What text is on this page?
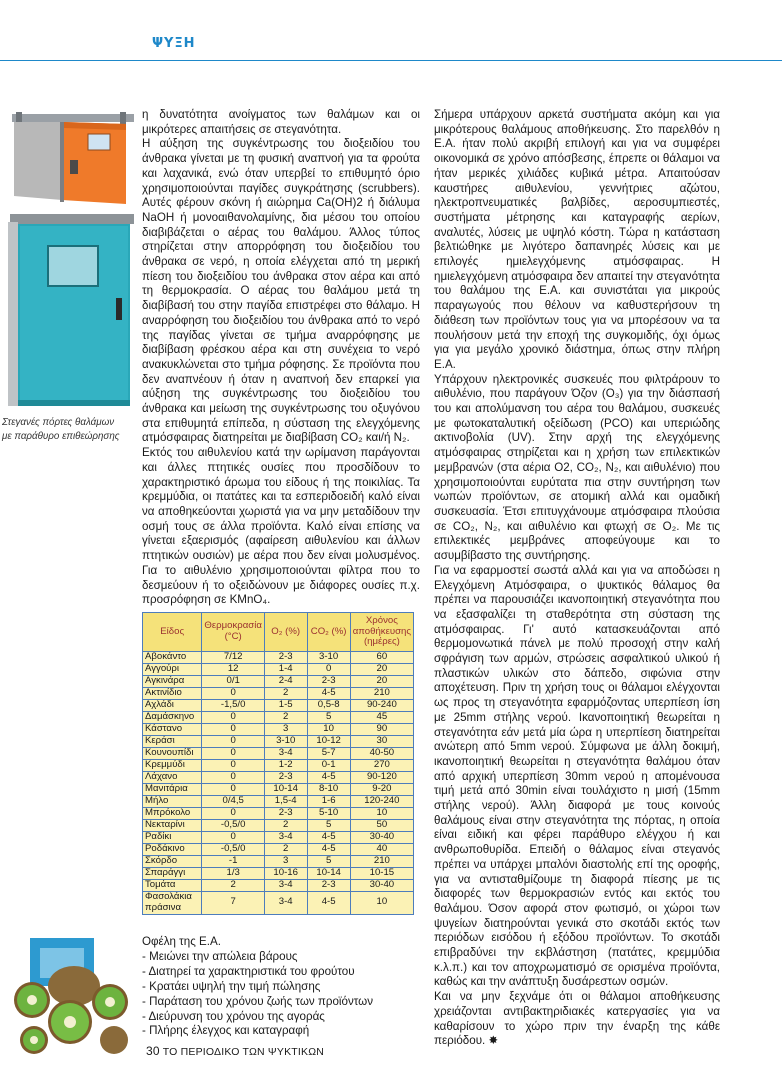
ΨΥΞΗ
Στεγανές πόρτες θαλάμων με παράθυρο επιθεώρησης

η δυνατότητα ανοίγματος των θαλάμων και οι μικρότερες απαιτήσεις σε στεγανότητα.

Η αύξηση της συγκέντρωσης του διοξειδίου του άνθρακα γίνεται με τη φυσική αναπνοή για τα φρούτα και λαχανικά, ενώ όταν υπερβεί το επιθυμητό όριο χρησιμοποιούνται παγίδες συγκράτησης (scrubbers). Αυτές φέρουν σκόνη ή αιώρημα Ca(OH)2 ή διάλυμα NaOH ή μονοαιθανολαμίνης, δια μέσου του οποίου διαβιβάζεται ο αέρας του θαλάμου. Άλλος τύπος στηρίζεται στην απορρόφηση του διοξειδίου του άνθρακα σε νερό, η οποία ελέγχεται από τη μερική πίεση του διοξειδίου του άνθρακα στον αέρα και από τη θερμοκρασία. Ο αέρας του θαλάμου μετά τη διαβίβασή του στην παγίδα επιστρέφει στο θάλαμο. Η αναρρόφηση του διοξειδίου του άνθρακα από το νερό της παγίδας γίνεται σε τμήμα αναρρόφησης με διαβίβαση φρέσκου αέρα και στη συνέχεια το νερό ανακυκλώνεται στο τμήμα ρόφησης. Σε προϊόντα που δεν αναπνέουν ή όταν η αναπνοή δεν επαρκεί για αύξηση της συγκέντρωσης του διοξειδίου του άνθρακα και μείωση της συγκέντρωσης του οξυγόνου στα επιθυμητά επίπεδα, η σύσταση της ελεγχόμενης ατμόσφαιρας διατηρείται με διαβίβαση CO₂ και/ή N₂.

Εκτός του αιθυλενίου κατά την ωρίμανση παράγονται και άλλες πτητικές ουσίες που προσδίδουν το χαρακτηριστικό άρωμα του είδους ή της ποικιλίας. Τα κρεμμύδια, οι πατάτες και τα εσπεριδοειδή καλό είναι να αποθηκεύονται χωριστά για να μην μεταδίδουν την οσμή τους σε άλλα προϊόντα. Καλό είναι επίσης να γίνεται εξαερισμός (αφαίρεση αιθυλενίου και άλλων πτητικών ουσιών) με αέρα που δεν είναι μολυσμένος. Για το αιθυλένιο χρησιμοποιούνται φίλτρα που το δεσμεύουν ή το οξειδώνουν με διάφορες ουσίες π.χ. προσρόφηση σε KMnO₄.

Είδος	Θερμοκρασία (°C)	O₂ (%)	CO₂ (%)	Χρόνος αποθήκευσης (ημέρες)
Αβοκάντο	7/12	2-3	3-10	60
Αγγούρι	12	1-4	0	20
Αγκινάρα	0/1	2-4	2-3	20
Ακτινίδιο	0	2	4-5	210
Αχλάδι	-1,5/0	1-5	0,5-8	90-240
Δαμάσκηνο	0	2	5	45
Κάστανο	0	3	10	90
Κεράσι	0	3-10	10-12	30
Κουνουπίδι	0	3-4	5-7	40-50
Κρεμμύδι	0	1-2	0-1	270
Λάχανο	0	2-3	4-5	90-120
Μανιτάρια	0	10-14	8-10	9-20
Μήλο	0/4,5	1,5-4	1-6	120-240
Μπρόκολο	0	2-3	5-10	10
Νεκταρίνι	-0,5/0	2	5	50
Ραδίκι	0	3-4	4-5	30-40
Ροδάκινο	-0,5/0	2	4-5	40
Σκόρδο	-1	3	5	210
Σπαράγγι	1/3	10-16	10-14	10-15
Τομάτα	2	3-4	2-3	30-40
Φασολάκια πράσινα	7	3-4	4-5	10

Οφέλη της Ε.Α.

- Μειώνει την απώλεια βάρους

- Διατηρεί τα χαρακτηριστικά του φρούτου

- Κρατάει υψηλή την τιμή πώλησης

- Παράταση του χρόνου ζωής των προϊόντων

- Διεύρυνση του χρόνου της αγοράς

- Πλήρης έλεγχος και καταγραφή

Σήμερα υπάρχουν αρκετά συστήματα ακόμη και για μικρότερους θαλάμους αποθήκευσης. Στο παρελθόν η Ε.Α. ήταν πολύ ακριβή επιλογή και για να συμφέρει οικονομικά σε χρόνο απόσβεσης, έπρεπε οι θάλαμοι να ήταν μερικές χιλιάδες κυβικά μέτρα. Απαιτούσαν καυστήρες αιθυλενίου, γεννήτριες αζώτου, ηλεκτροπνευματικές βαλβίδες, αεροσυμπιεστές, συστήματα μέτρησης και καταγραφής αερίων, αναλυτές, λύσεις με υψηλό κόστη. Τώρα η κατάσταση βελτιώθηκε με λιγότερο δαπανηρές λύσεις και με επιλογές ημιελεγχόμενης ατμόσφαιρας. Η ημιελεγχόμενη ατμόσφαιρα δεν απαιτεί την στεγανότητα του θαλάμου της Ε.Α. και συνιστάται για μικρούς παραγωγούς που θέλουν να καθυστερήσουν τη διάθεση των προϊόντων τους για να μπορέσουν να τα πουλήσουν μετά την εποχή της συγκομιδής, όχι όμως για για μεγάλο χρονικό διάστημα, όπως στην πλήρη Ε.Α.

Υπάρχουν ηλεκτρονικές συσκευές που φιλτράρουν το αιθυλένιο, που παράγουν Όζον (O₃) για την διάσπασή του και απολύμανση του αέρα του θαλάμου, συσκευές με φωτοκαταλυτική οξείδωση (PCO) και υπεριώδης ακτινοβολία (UV). Στην αρχή της ελεγχόμενης ατμόσφαιρας στηρίζεται και η χρήση των επιλεκτικών μεμβρανών (στα αέρια O2, CO₂, N₂, και αιθυλένιο) που χρησιμοποιούνται ευρύτατα πια στην συντήρηση των νωπών προϊόντων, σε ατομική αλλά και ομαδική συσκευασία. Έτσι επιτυγχάνουμε ατμόσφαιρα πλούσια σε CO₂, N₂, και αιθυλένιο και φτωχή σε O₂. Με τις επιλεκτικές μεμβράνες αποφεύγουμε και το ασυμβίβαστο της συντήρησης.

Για να εφαρμοστεί σωστά αλλά και για να αποδώσει η Ελεγχόμενη Ατμόσφαιρα, ο ψυκτικός θάλαμος θα πρέπει να παρουσιάζει ικανοποιητική στεγανότητα που να εξασφαλίζει τη σταθερότητα στη σύσταση της ατμόσφαιρας. Γι' αυτό κατασκευάζονται από θερμομονωτικά πάνελ με πολύ προσοχή στην καλή σφράγιση των αρμών, στρώσεις ασφαλτικού υλικού ή πλαστικών υλικών στο δάπεδο, σιφώνια στην αποχέτευση. Πριν τη χρήση τους οι θάλαμοι ελέγχονται ως προς τη στεγανότητα εφαρμόζοντας υπερπίεση ίση με 25mm στήλης νερού. Ικανοποιητική θεωρείται η στεγανότητα εάν μετά μία ώρα η υπερπίεση διατηρείται ανώτερη από 5mm νερού. Σύμφωνα με άλλη δοκιμή, ικανοποιητική θεωρείται η στεγανότητα θαλάμου όταν από αρχική υπερπίεση 30mm νερού η απομένουσα τιμή μετά από 30min είναι τουλάχιστο η μισή (15mm στήλης νερού). Άλλη διαφορά με τους κοινούς θαλάμους είναι στην στεγανότητα της πόρτας, η οποία είναι ειδική και φέρει παράθυρο ελέγχου ή και ανθρωποθυρίδα. Επειδή ο θάλαμος είναι στεγανός πρέπει να υπάρχει μπαλόνι διαστολής επί της οροφής, για να αντισταθμίζουμε τη διαφορά πίεσης με τις διαφορές των θερμοκρασιών εντός και εκτός του θαλάμου. Όσον αφορά στον φωτισμό, οι χώροι των ψυγείων διατηρούνται γενικά στο σκοτάδι εκτός των περιόδων εισόδου ή εξόδου προϊόντων. Το σκοτάδι επιβραδύνει την εκβλάστηση (πατάτες, κρεμμύδια κ.λ.π.) και τον αποχρωματισμό σε ορισμένα προϊόντα, καθώς και την ανάπτυξη δυσάρεστων οσμών.

Και να μην ξεχνάμε ότι οι θάλαμοι αποθήκευσης χρειάζονται αντιβακτηριδιακές κατεργασίες για να καθαρίσουν το χώρο πριν την έναρξη της κάθε περιόδου. ✸

30 ΤΟ ΠΕΡΙΟΔΙΚΟ ΤΩΝ ΨΥΚΤΙΚΩΝ
